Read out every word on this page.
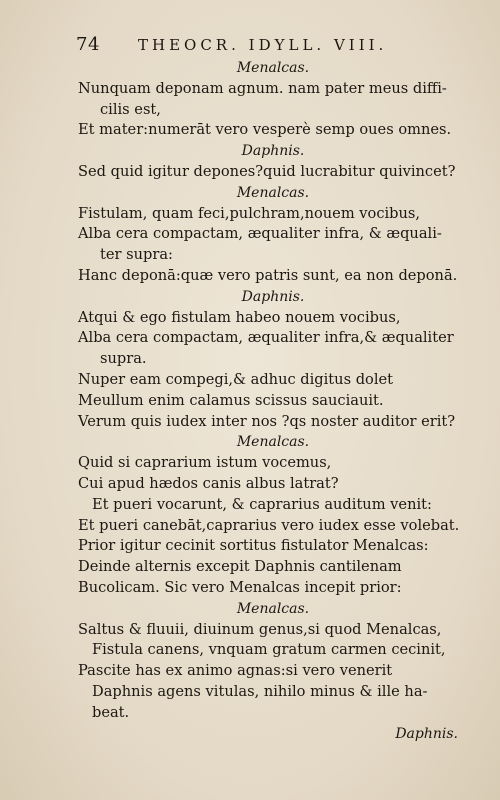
74	THEOCR. IDYLL. VIII.
Menalcas.
Nunquam deponam agnum. nam pater meus diffi-
cilis est,
Et mater:numerāt vero vesperè semp oues omnes.
Daphnis.
Sed quid igitur depones?quid lucrabitur quivincet?
Menalcas.
Fistulam, quam feci,pulchram,nouem vocibus,
Alba cera compactam, æqualiter infra, & æquali-
ter supra:
Hanc deponā:quæ vero patris sunt, ea non deponā.
Daphnis.
Atqui & ego fistulam habeo nouem vocibus,
Alba cera compactam, æqualiter infra,& æqualiter
supra.
Nuper eam compegi,& adhuc digitus dolet
Meullum enim calamus scissus sauciauit.
Verum quis iudex inter nos ?qs noster auditor erit?
Menalcas.
Quid si caprarium istum vocemus,
Cui apud hædos canis albus latrat?
Et pueri vocarunt, & caprarius auditum venit:
Et pueri canebāt,caprarius vero iudex esse volebat.
Prior igitur cecinit sortitus fistulator Menalcas:
Deinde alternis excepit Daphnis cantilenam
Bucolicam. Sic vero Menalcas incepit prior:
Menalcas.
Saltus & fluuii, diuinum genus,si quod Menalcas,
Fistula canens, vnquam gratum carmen cecinit,
Pascite has ex animo agnas:si vero venerit
Daphnis agens vitulas, nihilo minus & ille ha-
beat.
Daphnis.
